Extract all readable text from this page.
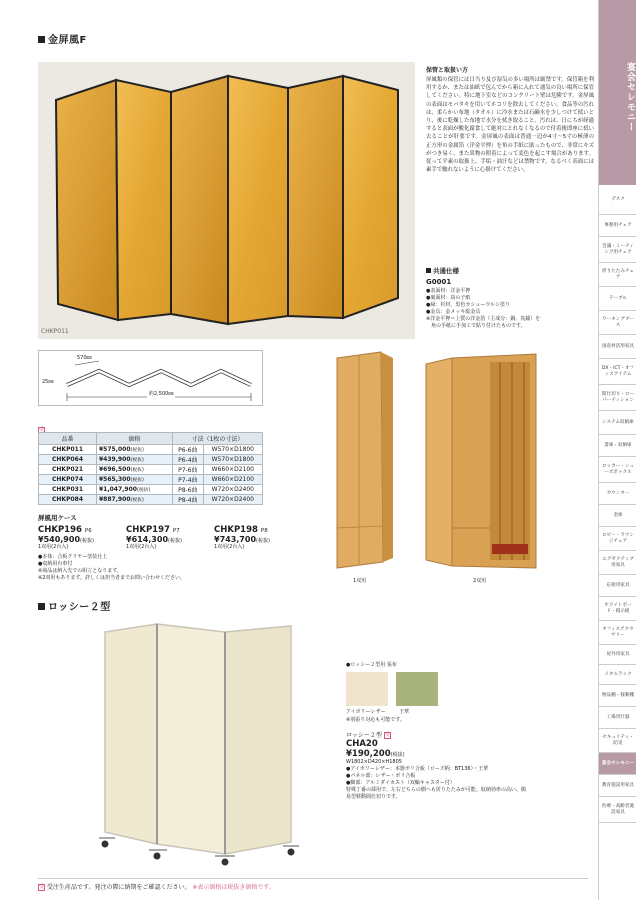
金屏風F
CHKP011
保管と取扱い方
屏風類の保管には日当り及び湿気の多い場所は厳禁です。保管箱を利用するか、または油紙で包んでから箱に入れて通気の良い場所に保管してください。特に地下室などのコンクリート壁は危険です。金屏風の表面はモバタキを用いてホコリを除去してください。食品等の汚れは、柔らかい布地（タオル）に冷水または石鹸水を少しつけて拭いとり、後に乾燥した布地で水分を拭き取ること。汚れは、日にちが経過すると表面が酸化腐食して絶対にとれなくなるので付着後即座に拭い去ることが肝要です。金屏風の表面は普通一辺が4寸～5寸の極薄の正方形の金属箔（洋金平押）を角の手紙に貼ったもので、非常にキズがつき易く、また異物の附着によって変色を起こす場合があります。従って平素の取扱上、手垢・油汗などは禁物です。なるべく表面には素手で触れないように心掛けてください。
共通仕様
G0001
●表面材：洋金平押
●裏面材：鳥の子紙
●縁：杉材、黒色カシューウルシ塗り
●金具：金メッキ総金具
※洋金平押＝上質の洋金箔（主成分：銅、真鍮）を
　角の手紙に手加工で貼り付けたものです。
25㎜
570㎜
約2,500㎜
受
品番	価格	寸法（1枚の寸法）	
CHKP011	¥575,000(税抜)	P6-6曲	W570×D1800
CHKP064	¥439,900(税抜)	P6-4曲	W570×D1800
CHKP021	¥696,500(税抜)	P7-6曲	W660×D2100
CHKP074	¥565,300(税抜)	P7-4曲	W660×D2100
CHKP031	¥1,047,900(税抜)	P8-6曲	W720×D2400
CHKP084	¥887,900(税抜)	P8-4曲	W720×D2400
屏風用ケース
CHKP196 P6
¥540,900(税抜)
1双用(2台入)
CHKP197 P7
¥614,300(税抜)
1双用(2台入)
CHKP198 P8
¥743,700(税抜)
1双用(2台入)
●本体：合板クリヤー塗装仕上
●収納用台車付
※商品は納入先での組立となります。
※2双用もあります。詳しくは担当者までお問い合わせください。	1双用	2双用
ロッシー２型
●ロッシー２型用 張布
アイボリーレザー	王華
※別張り対応も可能です。
ロッシー２型 受
CHA20
¥190,200(税抜)
W1802×D420×H1805
●アイボリーレザー：本器ボリ合板（ローズ柄：BT136）・王華
●パネル部：レザー・ポリ合板
●脚部：アルミダイカスト（双輪キャスター付）
特殊丁番の採用で、左右どちらの側へも折りたたみが可能。収納効率の高い、簡易型移動間仕切りです。
受 受注生産品です。発注の際に納期をご確認ください。 ※表示価格は税抜き価格です。
宴会セレモニー
デスク
事務用チェア
会議・ミーティング用チェア
折りたたみチェア
テーブル
ワーキングブース
国産材活用家具
DX・ICT・オフィスアイテム
間仕切り・ローパーティション
システム収納庫
書庫・収納庫
ロッカー・シューズボックス
カウンター
金庫
ロビー・ラウンジチェア
エグゼクティブ用家具
応接用家具
ホワイトボード・掲示板
オフィスアクセサリー
屋外用家具
メタルラック
物品棚・移動棚
工場用什器
セキュリティ・防災
宴会セレモニー
教育施設用家具
医療・高齢者施設家具
